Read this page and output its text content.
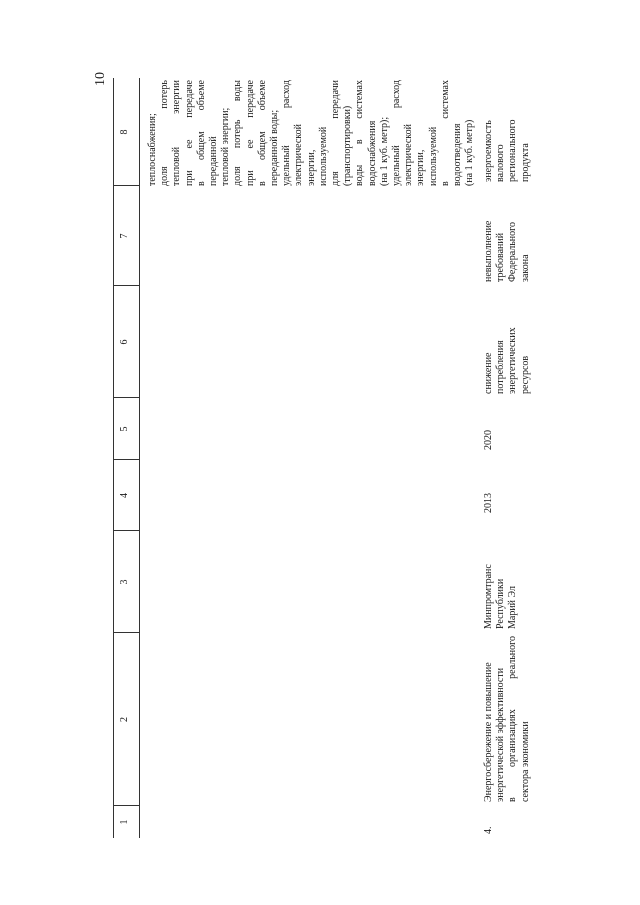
10
1
2
3
4
5
6
7
8 теплоснабжения; доля потерь тепловой энергии при ее передаче в общем объеме переданной тепловой энергии; доля потерь воды при ее передаче в общем объеме переданной воды; удельный расход электрической энергии, используемой для передачи (транспортировки) воды в системах водоснабжения (на 1 куб. метр); удельный расход электрической энергии, используемой в системах водоотведения (на 1 куб. метр)
4.
Энергосбережение и повышение энергетической эффективности в организациях реального сектора экономики
Минпромтранс Республики Марий Эл
2013
2020
снижение потребления энергетических ресурсов
невыполнение требований Федерального закона
энергоемкость валового регионального продукта
